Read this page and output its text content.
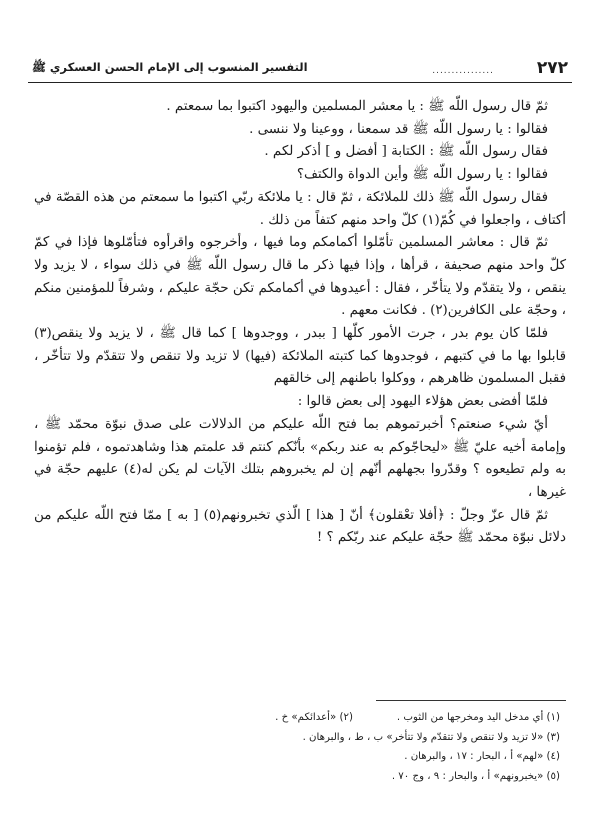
٢٧٢
................
التفسير المنسوب إلى الإمام الحسن العسكري ﷺ

ثمّ قال رسول اللّه ﷺ : يا معشر المسلمين واليهود اكتبوا بما سمعتم .

فقالوا : يا رسول اللّه ﷺ قد سمعنا ، ووعينا ولا ننسى .

فقال رسول اللّه ﷺ : الكتابة [ أفضل و ] أذكر لكم .

فقالوا : يا رسول اللّه ﷺ وأين الدواة والكتف؟

فقال رسول اللّه ﷺ ذلك للملائكة ، ثمّ قال : يا ملائكة ربّي اكتبوا ما سمعتم من هذه القصّة في أكتاف ، واجعلوا في كُمّ(١) كلّ واحد منهم كتفاً من ذلك .

ثمّ قال : معاشر المسلمين تأمّلوا أكمامكم وما فيها ، وأخرجوه واقرأوه فتأمّلوها فإذا في كمّ كلّ واحد منهم صحيفة ، قرأها ، وإذا فيها ذكر ما قال رسول اللّه ﷺ في ذلك سواء ، لا يزيد ولا ينقص ، ولا يتقدّم ولا يتأخّر ، فقال : أعيدوها في أكمامكم تكن حجّة عليكم ، وشرفاً للمؤمنين منكم ، وحجّة على الكافرين(٢) . فكانت معهم .

فلمّا كان يوم بدر ، جرت الأمور كلّها [ ببدر ، ووجدوها ] كما قال ﷺ ، لا يزيد ولا ينقص(٣) قابلوا بها ما في كتبهم ، فوجدوها كما كتبته الملائكة (فيها) لا تزيد ولا تنقص ولا تتقدّم ولا تتأخّر ، فقبل المسلمون ظاهرهم ، ووكلوا باطنهم إلى خالقهم

فلمّا أفضى بعض هؤلاء اليهود إلى بعض قالوا :

أيّ شيء صنعتم؟ أخبرتموهم بما فتح اللّه عليكم من الدلالات على صدق نبوّة محمّد ﷺ ، وإمامة أخيه عليّ ﷺ «ليحاجّوكم به عند ربكم» بأنّكم كنتم قد علمتم هذا وشاهدتموه ، فلم تؤمنوا به ولم تطيعوه ؟ وقدّروا بجهلهم أنّهم إن لم يخبروهم بتلك الآيات لم يكن له(٤) عليهم حجّة في غيرها ،

ثمّ قال عزّ وجلّ : ﴿أفلا تعْقلون﴾ أنّ [ هذا ] الّذي تخبرونهم(٥) [ به ] ممّا فتح اللّه عليكم من دلائل نبوّة محمّد ﷺ حجّة عليكم عند ربّكم ؟ !

(١) أي مدخل اليد ومخرجها من الثوب .
(٢) «أعدائكم» خ .
(٣) «لا تزيد ولا تنقص ولا تتقدّم ولا تتأخر» ب ، ط ، والبرهان .
(٤) «لهم» أ ، البحار : ١٧ ، والبرهان .
(٥) «يخبرونهم» أ ، والبحار : ٩ ، وج ٧٠ .
